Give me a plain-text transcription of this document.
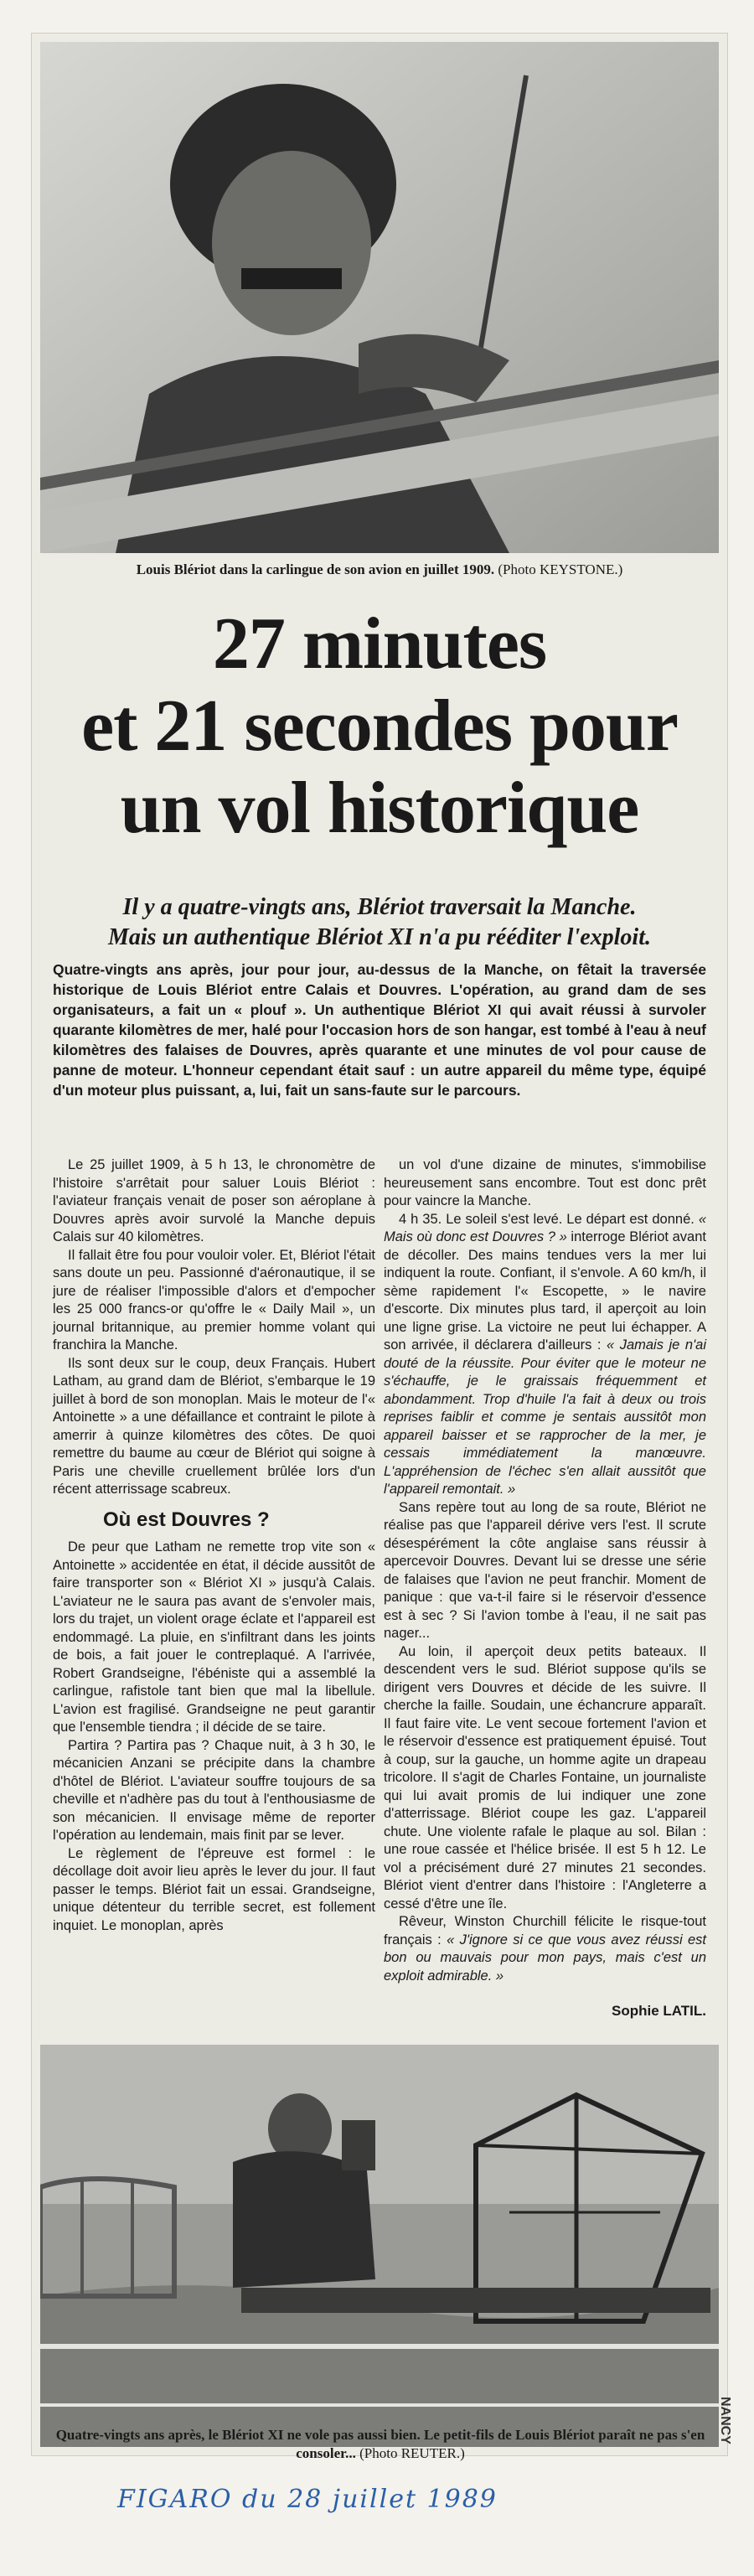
Louis Blériot dans la carlingue de son avion en juillet 1909. (Photo KEYSTONE.)
27 minutes
et 21 secondes pour
un vol historique
Il y a quatre-vingts ans, Blériot traversait la Manche.
Mais un authentique Blériot XI n'a pu rééditer l'exploit.
Quatre-vingts ans après, jour pour jour, au-dessus de la Manche, on fêtait la traversée historique de Louis Blériot entre Calais et Douvres. L'opération, au grand dam de ses organisateurs, a fait un « plouf ». Un authentique Blériot XI qui avait réussi à survoler quarante kilomètres de mer, halé pour l'occasion hors de son hangar, est tombé à l'eau à neuf kilomètres des falaises de Douvres, après quarante et une minutes de vol pour cause de panne de moteur. L'honneur cependant était sauf : un autre appareil du même type, équipé d'un moteur plus puissant, a, lui, fait un sans-faute sur le parcours.

Le 25 juillet 1909, à 5 h 13, le chronomètre de l'histoire s'arrêtait pour saluer Louis Blériot : l'aviateur français venait de poser son aéroplane à Douvres après avoir survolé la Manche depuis Calais sur 40 kilomètres.

Il fallait être fou pour vouloir voler. Et, Blériot l'était sans doute un peu. Passionné d'aéronautique, il se jure de réaliser l'impossible d'alors et d'empocher les 25 000 francs-or qu'offre le « Daily Mail », un journal britannique, au premier homme volant qui franchira la Manche.

Ils sont deux sur le coup, deux Français. Hubert Latham, au grand dam de Blériot, s'embarque le 19 juillet à bord de son monoplan. Mais le moteur de l'« Antoinette » a une défaillance et contraint le pilote à amerrir à quinze kilomètres des côtes. De quoi remettre du baume au cœur de Blériot qui soigne à Paris une cheville cruellement brûlée lors d'un récent atterrissage scabreux.

Où est Douvres ?

De peur que Latham ne remette trop vite son « Antoinette » accidentée en état, il décide aussitôt de faire transporter son « Blériot XI » jusqu'à Calais. L'aviateur ne le saura pas avant de s'envoler mais, lors du trajet, un violent orage éclate et l'appareil est endommagé. La pluie, en s'infiltrant dans les joints de bois, a fait jouer le contreplaqué. A l'arrivée, Robert Grandseigne, l'ébéniste qui a assemblé la carlingue, rafistole tant bien que mal la libellule. L'avion est fragilisé. Grandseigne ne peut garantir que l'ensemble tiendra ; il décide de se taire.

Partira ? Partira pas ? Chaque nuit, à 3 h 30, le mécanicien Anzani se précipite dans la chambre d'hôtel de Blériot. L'aviateur souffre toujours de sa cheville et n'adhère pas du tout à l'enthousiasme de son mécanicien. Il envisage même de reporter l'opération au lendemain, mais finit par se lever.

Le règlement de l'épreuve est formel : le décollage doit avoir lieu après le lever du jour. Il faut passer le temps. Blériot fait un essai. Grandseigne, unique détenteur du terrible secret, est follement inquiet. Le monoplan, après

un vol d'une dizaine de minutes, s'immobilise heureusement sans encombre. Tout est donc prêt pour vaincre la Manche.

4 h 35. Le soleil s'est levé. Le départ est donné. « Mais où donc est Douvres ? » interroge Blériot avant de décoller. Des mains tendues vers la mer lui indiquent la route. Confiant, il s'envole. A 60 km/h, il sème rapidement l'« Escopette, » le navire d'escorte. Dix minutes plus tard, il aperçoit au loin une ligne grise. La victoire ne peut lui échapper. A son arrivée, il déclarera d'ailleurs : « Jamais je n'ai douté de la réussite. Pour éviter que le moteur ne s'échauffe, je le graissais fréquemment et abondamment. Trop d'huile l'a fait à deux ou trois reprises faiblir et comme je sentais aussitôt mon appareil baisser et se rapprocher de la mer, je cessais immédiatement la manœuvre. L'appréhension de l'échec s'en allait aussitôt que l'appareil remontait. »

Sans repère tout au long de sa route, Blériot ne réalise pas que l'appareil dérive vers l'est. Il scrute désespérément la côte anglaise sans réussir à apercevoir Douvres. Devant lui se dresse une série de falaises que l'avion ne peut franchir. Moment de panique : que va-t-il faire si le réservoir d'essence est à sec ? Si l'avion tombe à l'eau, il ne sait pas nager...

Au loin, il aperçoit deux petits bateaux. Il descendent vers le sud. Blériot suppose qu'ils se dirigent vers Douvres et décide de les suivre. Il cherche la faille. Soudain, une échancrure apparaît. Il faut faire vite. Le vent secoue fortement l'avion et le réservoir d'essence est pratiquement épuisé. Tout à coup, sur la gauche, un homme agite un drapeau tricolore. Il s'agit de Charles Fontaine, un journaliste qui lui avait promis de lui indiquer une zone d'atterrissage. Blériot coupe les gaz. L'appareil chute. Une violente rafale le plaque au sol. Bilan : une roue cassée et l'hélice brisée. Il est 5 h 12. Le vol a précisément duré 27 minutes 21 secondes. Blériot vient d'entrer dans l'histoire : l'Angleterre a cessé d'être une île.

Rêveur, Winston Churchill félicite le risque-tout français : « J'ignore si ce que vous avez réussi est bon ou mauvais pour mon pays, mais c'est un exploit admirable. »

Sophie LATIL.
Quatre-vingts ans après, le Blériot XI ne vole pas aussi bien. Le petit-fils de Louis Blériot paraît ne pas s'en consoler... (Photo REUTER.)
FIGARO du 28 juillet 1989
NANCY
